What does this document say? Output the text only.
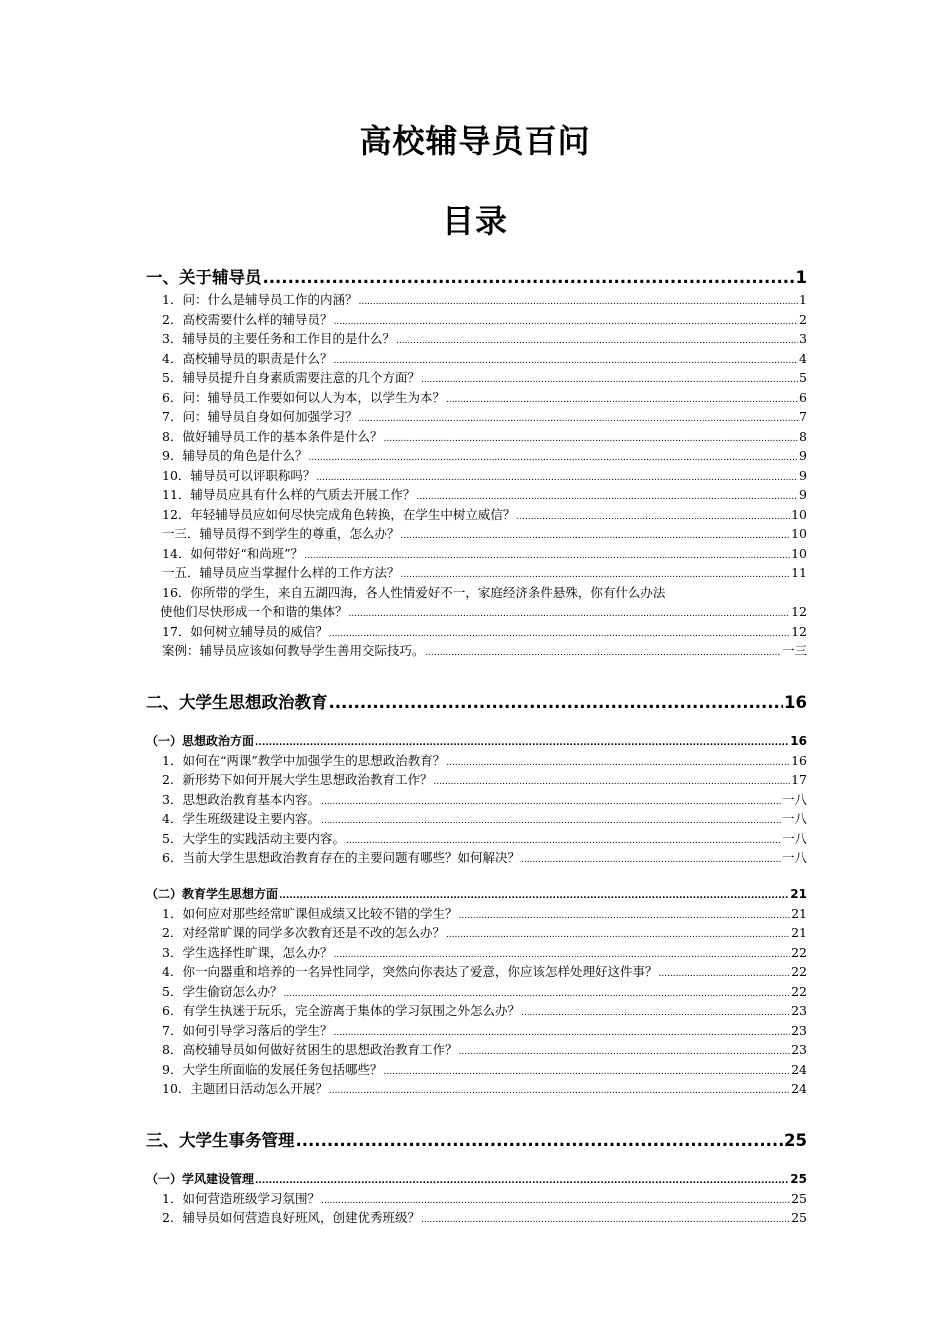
高校辅导员百问
目录
一、关于辅导员 .....	1
1．问：什么是辅导员工作的内涵？ .....	1
2．高校需要什么样的辅导员？ .....	2
3．辅导员的主要任务和工作目的是什么？ .....	3
4．高校辅导员的职责是什么？ .....	4
5．辅导员提升自身素质需要注意的几个方面？ .....	5
6．问：辅导员工作要如何以人为本，以学生为本？ .....	6
7．问：辅导员自身如何加强学习？ .....	7
8．做好辅导员工作的基本条件是什么？ .....	8
9．辅导员的角色是什么？ .....	9
10．辅导员可以评职称吗？ .....	9
11．辅导员应具有什么样的气质去开展工作？ .....	9
12．年轻辅导员应如何尽快完成角色转换，在学生中树立威信？ .....	10
一三．辅导员得不到学生的尊重，怎么办？ .....	10
14．如何带好“和尚班”？ .....	10
一五．辅导员应当掌握什么样的工作方法？ .....	11
16．你所带的学生，来自五湖四海，各人性情爱好不一，家庭经济条件悬殊，你有什么办法
使他们尽快形成一个和谐的集体？ .....	12
17．如何树立辅导员的威信？ .....	12
案例：辅导员应该如何教导学生善用交际技巧。 .....	一三
二、大学生思想政治教育 .....	16
（一）思想政治方面 .....	16
1．如何在“两课”教学中加强学生的思想政治教育？ .....	16
2．新形势下如何开展大学生思想政治教育工作？ .....	17
3．思想政治教育基本内容。 .....	一八
4．学生班级建设主要内容。 .....	一八
5．大学生的实践活动主要内容。 .....	一八
6．当前大学生思想政治教育存在的主要问题有哪些？如何解决？ .....	一八
（二）教育学生思想方面 .....	21
1．如何应对那些经常旷课但成绩又比较不错的学生？ .....	21
2．对经常旷课的同学多次教育还是不改的怎么办？ .....	21
3．学生选择性旷课，怎么办？ .....	22
4．你一向器重和培养的一名异性同学，突然向你表达了爱意，你应该怎样处理好这件事？ .....	22
5．学生偷窃怎么办？ .....	22
6．有学生执迷于玩乐，完全游离于集体的学习氛围之外怎么办？ .....	23
7．如何引导学习落后的学生？ .....	23
8．高校辅导员如何做好贫困生的思想政治教育工作？ .....	23
9．大学生所面临的发展任务包括哪些？ .....	24
10．主题团日活动怎么开展？ .....	24
三、大学生事务管理 .....	25
（一）学风建设管理 .....	25
1．如何营造班级学习氛围？ .....	25
2．辅导员如何营造良好班风，创建优秀班级？ .....	25
